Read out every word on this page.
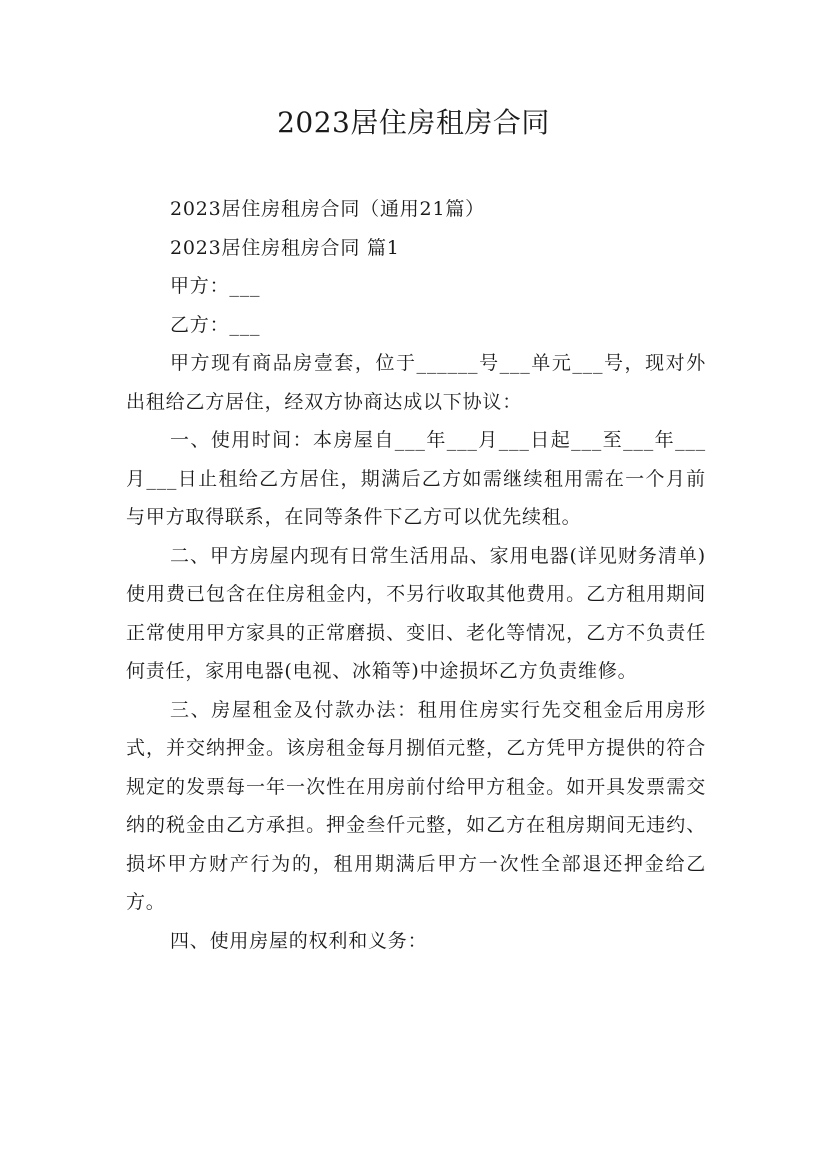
2023居住房租房合同

2023居住房租房合同（通用21篇）

2023居住房租房合同 篇1

甲方：___

乙方：___

甲方现有商品房壹套，位于______号___单元___号，现对外出租给乙方居住，经双方协商达成以下协议：

一、使用时间：本房屋自___年___月___日起___至___年___月___日止租给乙方居住，期满后乙方如需继续租用需在一个月前与甲方取得联系，在同等条件下乙方可以优先续租。

二、甲方房屋内现有日常生活用品、家用电器(详见财务清单)使用费已包含在住房租金内，不另行收取其他费用。乙方租用期间正常使用甲方家具的正常磨损、变旧、老化等情况，乙方不负责任何责任，家用电器(电视、冰箱等)中途损坏乙方负责维修。

三、房屋租金及付款办法：租用住房实行先交租金后用房形式，并交纳押金。该房租金每月捌佰元整，乙方凭甲方提供的符合规定的发票每一年一次性在用房前付给甲方租金。如开具发票需交纳的税金由乙方承担。押金叁仟元整，如乙方在租房期间无违约、损坏甲方财产行为的，租用期满后甲方一次性全部退还押金给乙方。

四、使用房屋的权利和义务：
